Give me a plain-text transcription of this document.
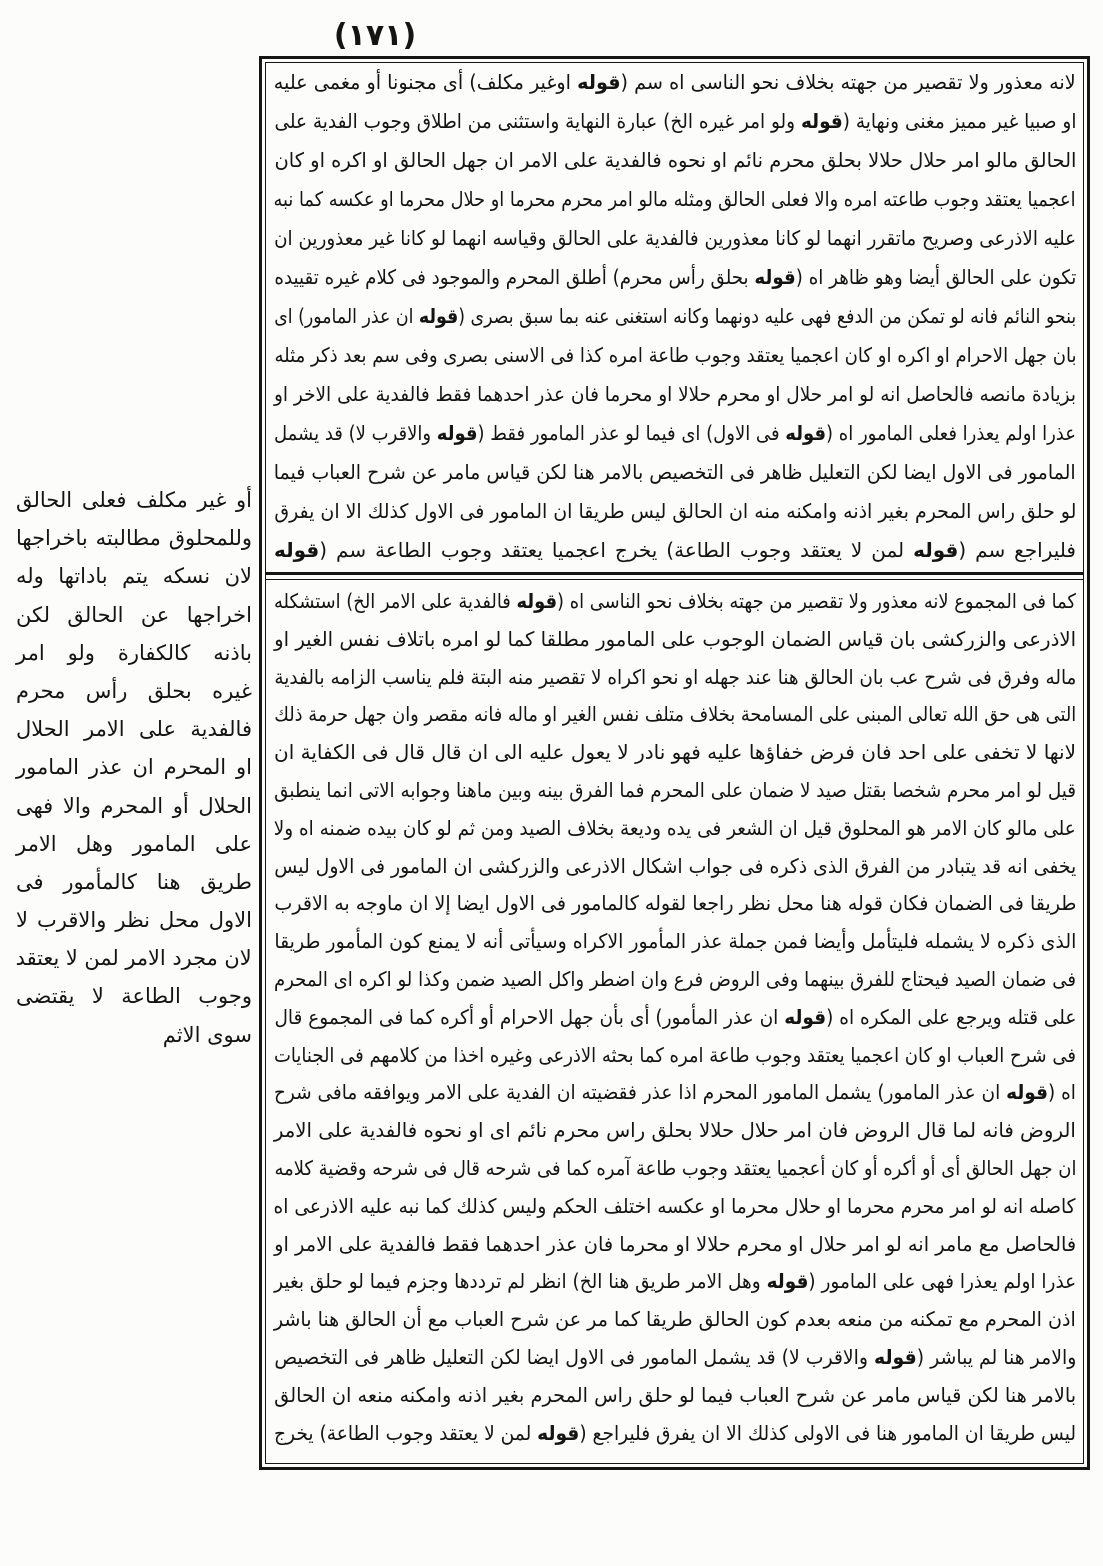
(١٧١)
لانه معذور ولا تقصير من جهته بخلاف نحو الناسى اه سم (قوله اوغير مكلف) أى مجنونا أو مغمى عليه
او صبيا غير مميز مغنى ونهاية (قوله ولو امر غيره الخ) عبارة النهاية واستثنى من اطلاق وجوب الفدية على
الحالق مالو امر حلال حلالا بحلق محرم نائم او نحوه فالفدية على الامر ان جهل الحالق او اكره او كان
اعجميا يعتقد وجوب طاعته امره والا فعلى الحالق ومثله مالو امر محرم محرما او حلال محرما او عكسه كما نبه
عليه الاذرعى وصريح ماتقرر انهما لو كانا معذورين فالفدية على الحالق وقياسه انهما لو كانا غير معذورين ان
تكون على الحالق أيضا وهو ظاهر اه (قوله بحلق رأس محرم) أطلق المحرم والموجود فى كلام غيره تقييده
بنحو النائم فانه لو تمكن من الدفع فهى عليه دونهما وكانه استغنى عنه بما سبق بصرى (قوله ان عذر المامور) اى
بان جهل الاحرام او اكره او كان اعجميا يعتقد وجوب طاعة امره كذا فى الاسنى بصرى وفى سم بعد ذكر مثله
بزيادة مانصه فالحاصل انه لو امر حلال او محرم حلالا او محرما فان عذر احدهما فقط فالفدية على الاخر او
عذرا اولم يعذرا فعلى المامور اه (قوله فى الاول) اى فيما لو عذر المامور فقط (قوله والاقرب لا) قد يشمل
المامور فى الاول ايضا لكن التعليل ظاهر فى التخصيص بالامر هنا لكن قياس مامر عن شرح العباب فيما
لو حلق راس المحرم بغير اذنه وامكنه منه ان الحالق ليس طريقا ان المامور فى الاول كذلك الا ان يفرق
فليراجع سم (قوله لمن لا يعتقد وجوب الطاعة) يخرج اعجميا يعتقد وجوب الطاعة سم (قوله
كما فى المجموع لانه معذور ولا تقصير من جهته بخلاف نحو الناسى اه (قوله فالفدية على الامر الخ) استشكله
الاذرعى والزركشى بان قياس الضمان الوجوب على المامور مطلقا كما لو امره باتلاف نفس الغير او
ماله وفرق فى شرح عب بان الحالق هنا عند جهله او نحو اكراه لا تقصير منه البتة فلم يناسب الزامه بالفدية
التى هى حق الله تعالى المبنى على المسامحة بخلاف متلف نفس الغير او ماله فانه مقصر وان جهل حرمة ذلك
لانها لا تخفى على احد فان فرض خفاؤها عليه فهو نادر لا يعول عليه الى ان قال قال فى الكفاية ان
قيل لو امر محرم شخصا بقتل صيد لا ضمان على المحرم فما الفرق بينه وبين ماهنا وجوابه الاتى انما ينطبق
على مالو كان الامر هو المحلوق قيل ان الشعر فى يده وديعة بخلاف الصيد ومن ثم لو كان بيده ضمنه اه ولا
يخفى انه قد يتبادر من الفرق الذى ذكره فى جواب اشكال الاذرعى والزركشى ان المامور فى الاول ليس
طريقا فى الضمان فكان قوله هنا محل نظر راجعا لقوله كالمامور فى الاول ايضا إلا ان ماوجه به الاقرب
الذى ذكره لا يشمله فليتأمل وأيضا فمن جملة عذر المأمور الاكراه وسيأتى أنه لا يمنع كون المأمور طريقا
فى ضمان الصيد فيحتاج للفرق بينهما وفى الروض فرع وان اضطر واكل الصيد ضمن وكذا لو اكره اى المحرم
على قتله ويرجع على المكره اه (قوله ان عذر المأمور) أى بأن جهل الاحرام أو أكره كما فى المجموع قال
فى شرح العباب او كان اعجميا يعتقد وجوب طاعة امره كما بحثه الاذرعى وغيره اخذا من كلامهم فى الجنايات
اه (قوله ان عذر المامور) يشمل المامور المحرم اذا عذر فقضيته ان الفدية على الامر ويوافقه مافى شرح
الروض فانه لما قال الروض فان امر حلال حلالا بحلق راس محرم نائم اى او نحوه فالفدية على الامر
ان جهل الحالق أى أو أكره أو كان أعجميا يعتقد وجوب طاعة آمره كما فى شرحه قال فى شرحه وقضية كلامه
كاصله انه لو امر محرم محرما او حلال محرما او عكسه اختلف الحكم وليس كذلك كما نبه عليه الاذرعى اه
فالحاصل مع مامر انه لو امر حلال او محرم حلالا او محرما فان عذر احدهما فقط فالفدية على الامر او
عذرا اولم يعذرا فهى على المامور (قوله وهل الامر طريق هنا الخ) انظر لم ترددها وجزم فيما لو حلق بغير
اذن المحرم مع تمكنه من منعه بعدم كون الحالق طريقا كما مر عن شرح العباب مع أن الحالق هنا باشر
والامر هنا لم يباشر (قوله والاقرب لا) قد يشمل المامور فى الاول ايضا لكن التعليل ظاهر فى التخصيص
بالامر هنا لكن قياس مامر عن شرح العباب فيما لو حلق راس المحرم بغير اذنه وامكنه منعه ان الحالق
ليس طريقا ان المامور هنا فى الاولى كذلك الا ان يفرق فليراجع (قوله لمن لا يعتقد وجوب الطاعة) يخرج
أو غير مكلف فعلى الحالق
وللمحلوق مطالبته باخراجها
لان نسكه يتم باداتها وله
اخراجها عن الحالق لكن
باذنه كالكفارة ولو امر
غيره بحلق رأس محرم
فالفدية على الامر الحلال
او المحرم ان عذر المامور
الحلال أو المحرم والا فهى
على المامور وهل الامر
طريق هنا كالمأمور فى
الاول محل نظر والاقرب لا
لان مجرد الامر لمن لا يعتقد
وجوب الطاعة لا يقتضى
سوى الاثم
